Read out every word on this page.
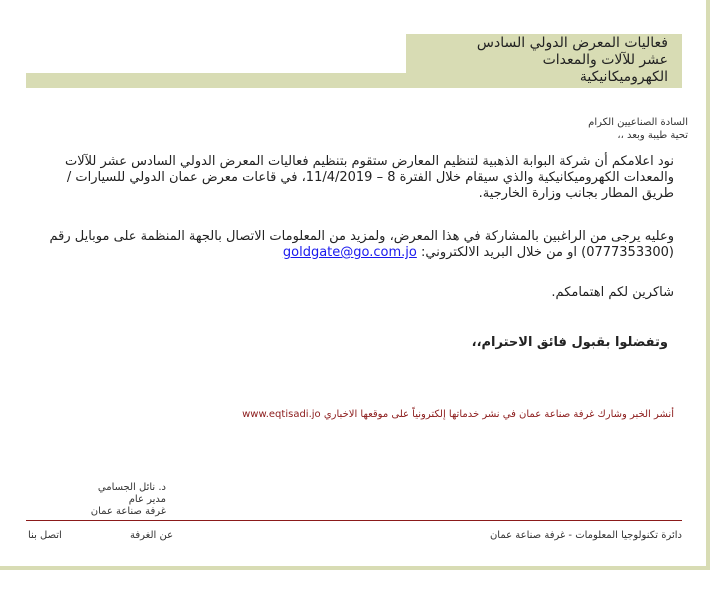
فعاليات المعرض الدولي السادس
عشر للآلات والمعدات
الكهروميكانيكية
السادة الصناعيين الكرام
تحية طيبة وبعد ،،
نود اعلامكم أن شركة البوابة الذهبية لتنظيم المعارض ستقوم بتنظيم فعاليات المعرض الدولي السادس عشر للآلات والمعدات الكهروميكانيكية والذي سيقام خلال الفترة 8 – 11/4/2019، في قاعات معرض عمان الدولي للسيارات / طريق المطار بجانب وزارة الخارجية.
وعليه يرجى من الراغبين بالمشاركة في هذا المعرض، ولمزيد من المعلومات الاتصال بالجهة المنظمة على موبايل رقم (0777353300) او من خلال البريد الالكتروني: goldgate@go.com.jo
شاكرين لكم اهتمامكم.
وتفضلوا بقبول فائق الاحترام،،
أنشر الخبر وشارك غرفة صناعة عمان في نشر خدماتها إلكترونياً على موقعها الاخباري www.eqtisadi.jo
د. نائل الجسامي
مدير عام
غرفة صناعة عمان
دائرة تكنولوجيا المعلومات - غرفة صناعة عمان
عن الغرفة
اتصل بنا
